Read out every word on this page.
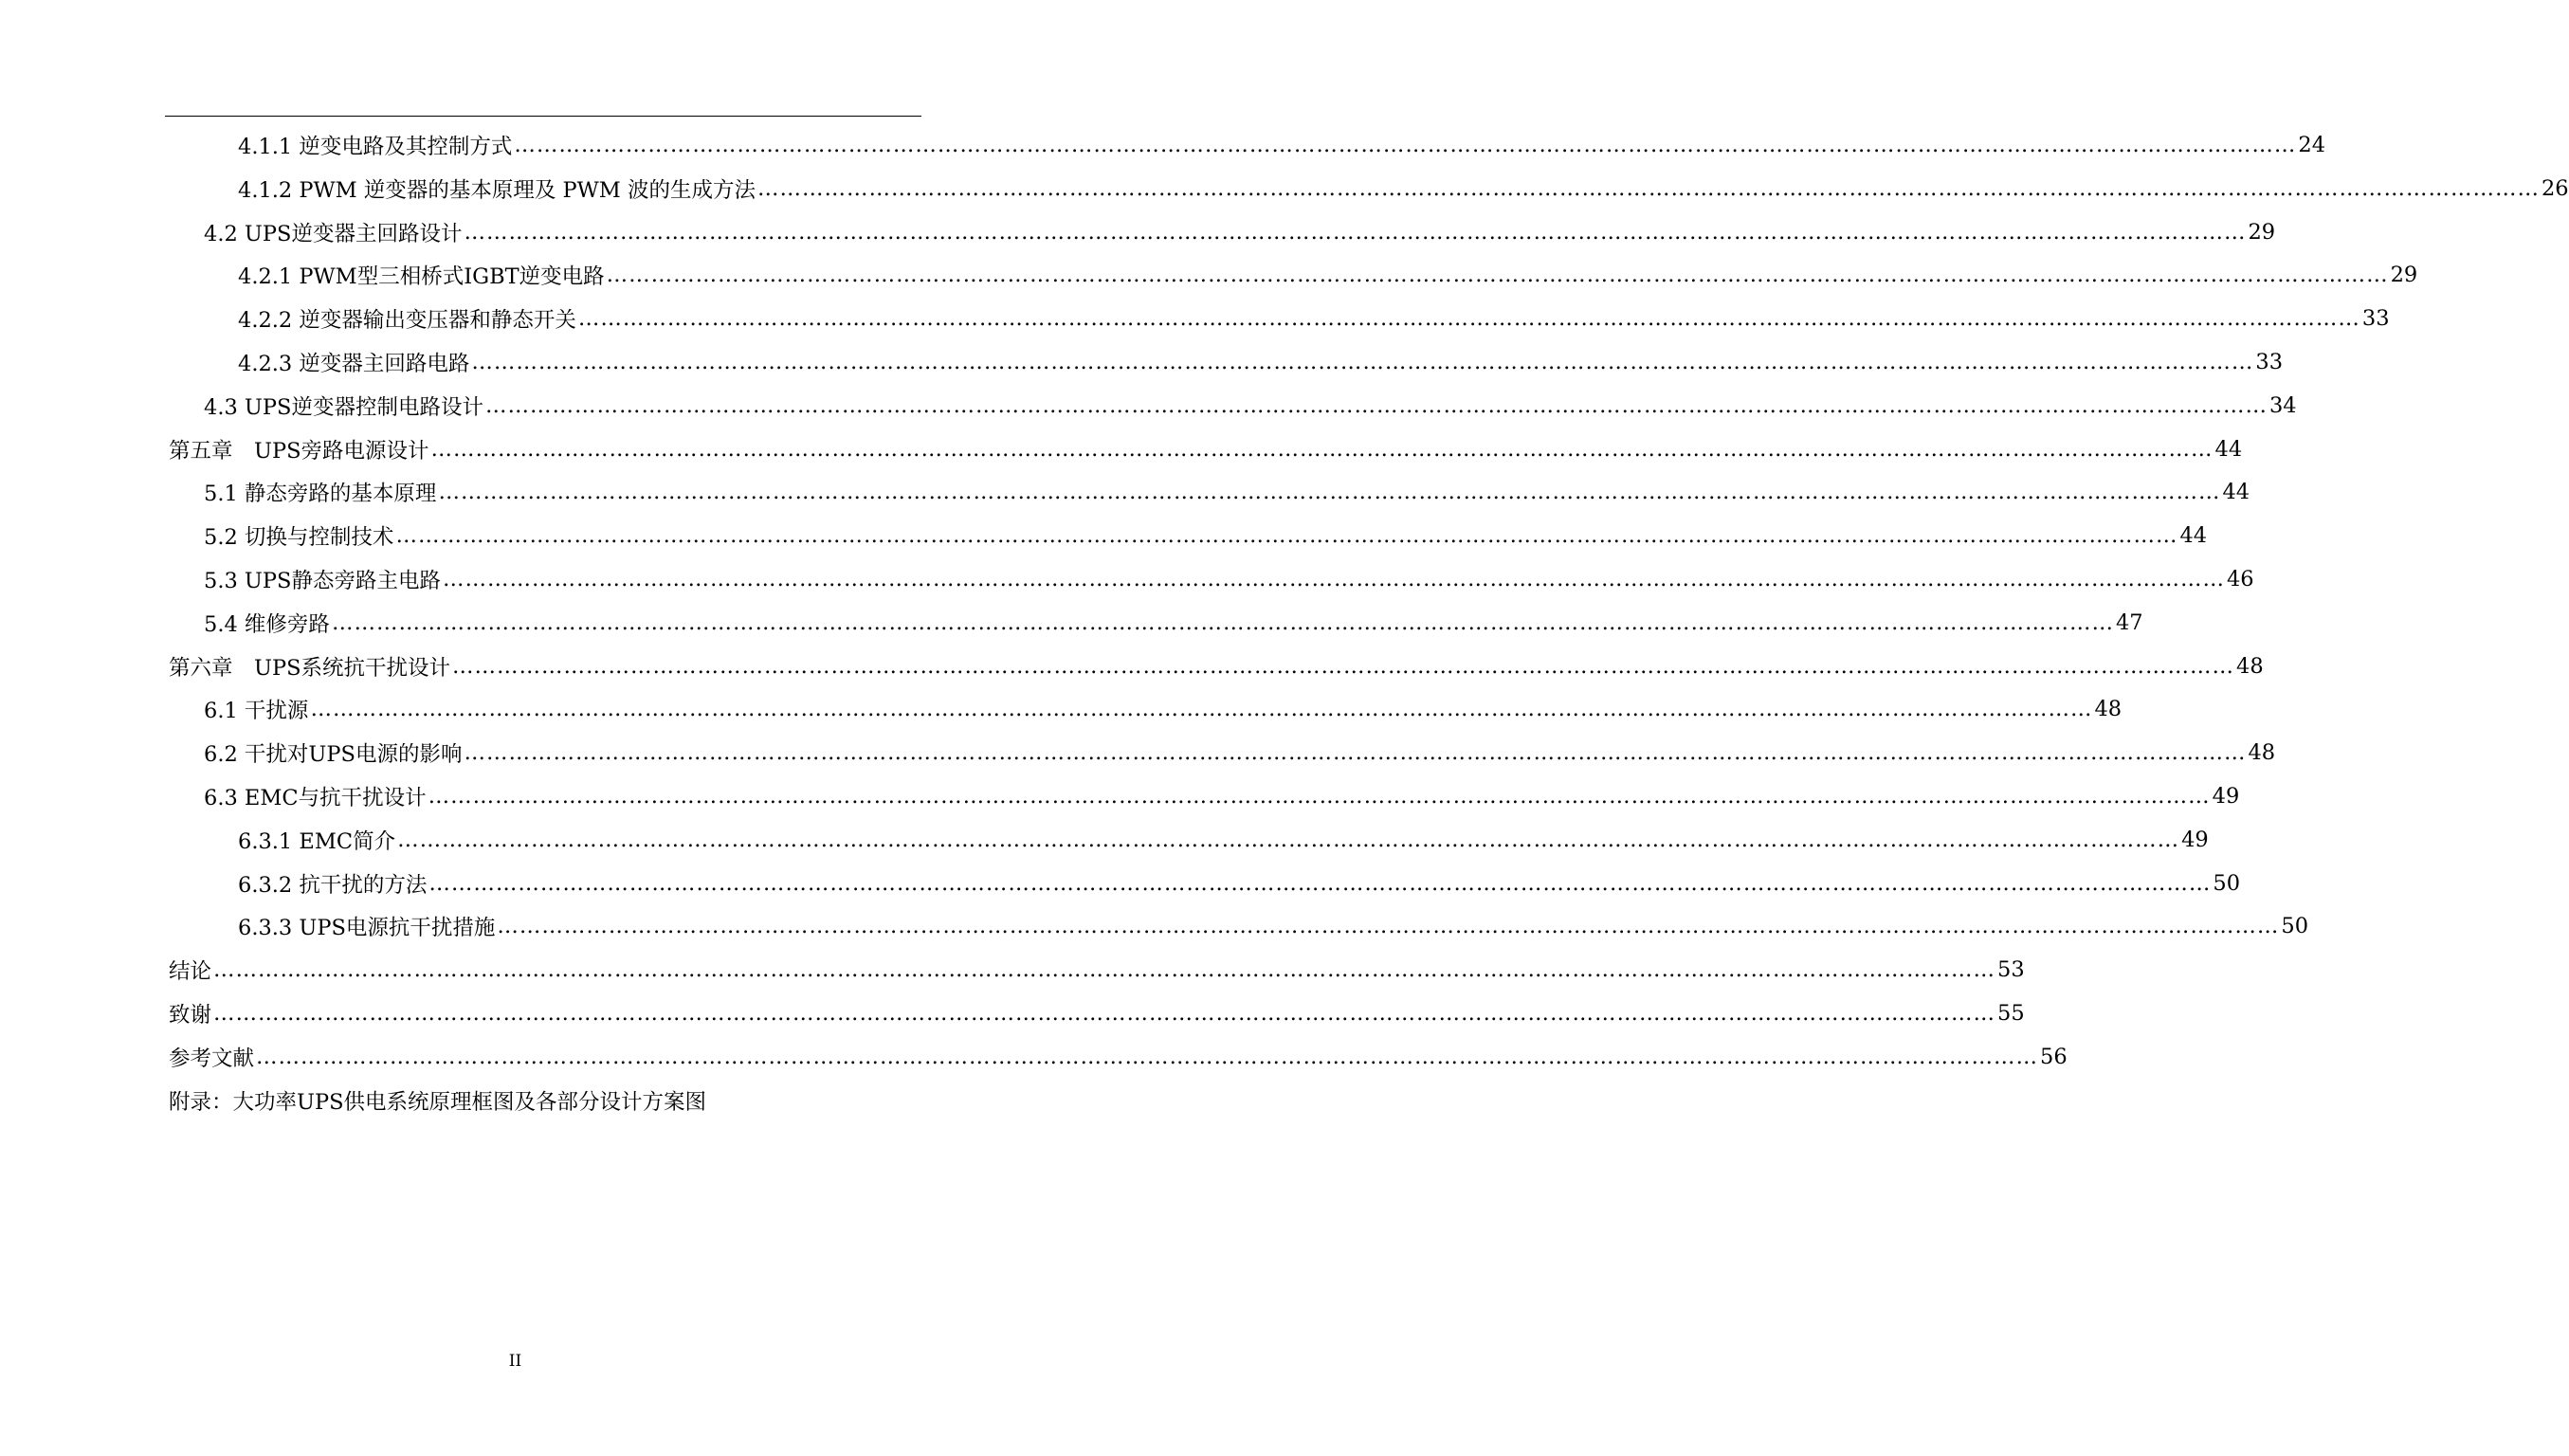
4.1.1 逆变电路及其控制方式 …………………………………………………………………………………………………………………………………………………………………………………………………………………… 24
4.1.2 PWM 逆变器的基本原理及 PWM 波的生成方法 …………………………………………………………………………………………………………………………………………………………………………………………………………………… 26
4.2 UPS逆变器主回路设计 …………………………………………………………………………………………………………………………………………………………………………………………………………………… 29
4.2.1 PWM型三相桥式IGBT逆变电路 …………………………………………………………………………………………………………………………………………………………………………………………………………………… 29
4.2.2 逆变器输出变压器和静态开关 …………………………………………………………………………………………………………………………………………………………………………………………………………………… 33
4.2.3 逆变器主回路电路 …………………………………………………………………………………………………………………………………………………………………………………………………………………… 33
4.3 UPS逆变器控制电路设计 …………………………………………………………………………………………………………………………………………………………………………………………………………………… 34
第五章　UPS旁路电源设计 …………………………………………………………………………………………………………………………………………………………………………………………………………………… 44
5.1 静态旁路的基本原理 …………………………………………………………………………………………………………………………………………………………………………………………………………………… 44
5.2 切换与控制技术 …………………………………………………………………………………………………………………………………………………………………………………………………………………… 44
5.3 UPS静态旁路主电路 …………………………………………………………………………………………………………………………………………………………………………………………………………………… 46
5.4 维修旁路 …………………………………………………………………………………………………………………………………………………………………………………………………………………… 47
第六章　UPS系统抗干扰设计 …………………………………………………………………………………………………………………………………………………………………………………………………………………… 48
6.1 干扰源 …………………………………………………………………………………………………………………………………………………………………………………………………………………… 48
6.2 干扰对UPS电源的影响 …………………………………………………………………………………………………………………………………………………………………………………………………………………… 48
6.3 EMC与抗干扰设计 …………………………………………………………………………………………………………………………………………………………………………………………………………………… 49
6.3.1 EMC简介 …………………………………………………………………………………………………………………………………………………………………………………………………………………… 49
6.3.2 抗干扰的方法 …………………………………………………………………………………………………………………………………………………………………………………………………………………… 50
6.3.3 UPS电源抗干扰措施 …………………………………………………………………………………………………………………………………………………………………………………………………………………… 50
结论 …………………………………………………………………………………………………………………………………………………………………………………………………………………… 53
致谢 …………………………………………………………………………………………………………………………………………………………………………………………………………………… 55
参考文献 …………………………………………………………………………………………………………………………………………………………………………………………………………………… 56
附录：大功率UPS供电系统原理框图及各部分设计方案图
II
